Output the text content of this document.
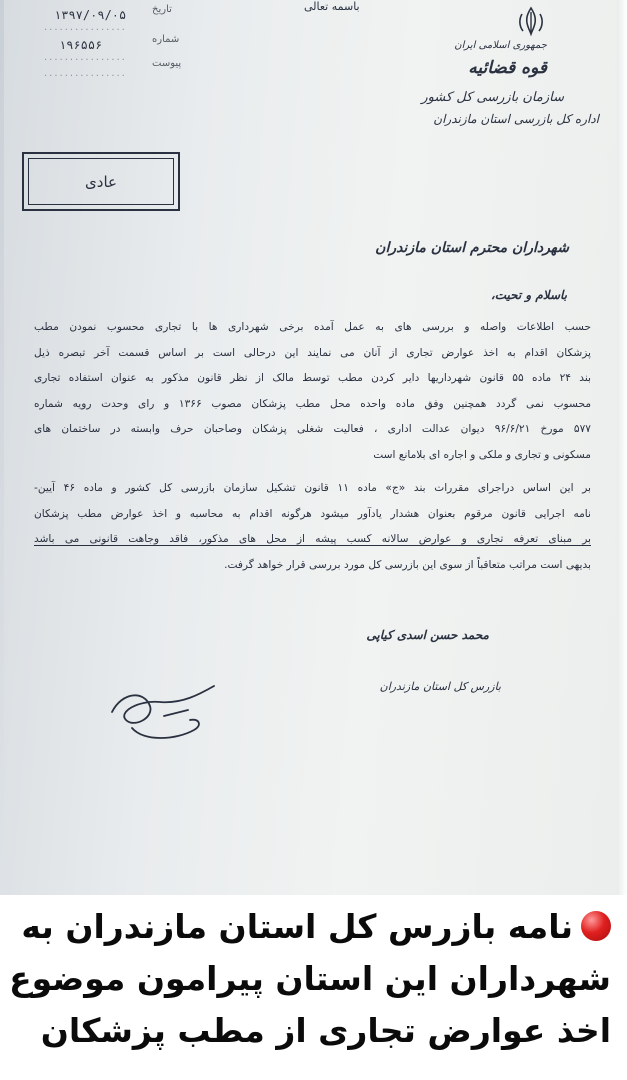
باسمه تعالی
تاریخ
۱۳۹۷/۰۹/۰۵
................
شماره
۱۹۶۵۵۶
................
پیوست
................
جمهوری اسلامی ایران
قوه قضائیه
سازمان بازرسی کل کشور
اداره کل بازرسی استان مازندران
عادی
شهرداران محترم استان مازندران
باسلام و تحیت،

حسب اطلاعات واصله و بررسی های به عمل آمده برخی شهرداری ها با تجاری محسوب نمودن مطب

پزشکان اقدام به اخذ عوارض تجاری از آنان می نمایند این درحالی است بر اساس قسمت آخر تبصره ذیل

بند ۲۴ ماده ۵۵ قانون شهرداریها دایر کردن مطب توسط مالک از نظر قانون مذکور به عنوان استفاده تجاری

محسوب نمی گردد همچنین وفق ماده واحده محل مطب پزشکان مصوب ۱۳۶۶ و رای وحدت رویه شماره

۵۷۷ مورخ ۹۶/۶/۲۱ دیوان عدالت اداری ، فعالیت شغلی پزشکان وصاحبان حرف وابسته در ساختمان های

مسکونی و تجاری و ملکی و اجاره ای بلامانع است

بر این اساس دراجرای مقررات بند «ج» ماده ۱۱ قانون تشکیل سازمان بازرسی کل کشور و ماده ۴۶ آیین-

نامه اجرایی قانون مرقوم بعنوان هشدار یادآور میشود هرگونه اقدام به محاسبه و اخذ عوارض مطب پزشکان

بر مبنای تعرفه تجاری و عوارض سالانه کسب پیشه از محل های مذکور، فاقد وجاهت قانونی می باشد

بدیهی است مراتب متعاقباً از سوی این بازرسی کل مورد بررسی قرار خواهد گرفت.

محمد حسن اسدی کیاپی
بازرس کل استان مازندران
نامه بازرس کل استان مازندران به شهرداران این استان پیرامون موضوع اخذ عوارض تجاری از مطب پزشکان
